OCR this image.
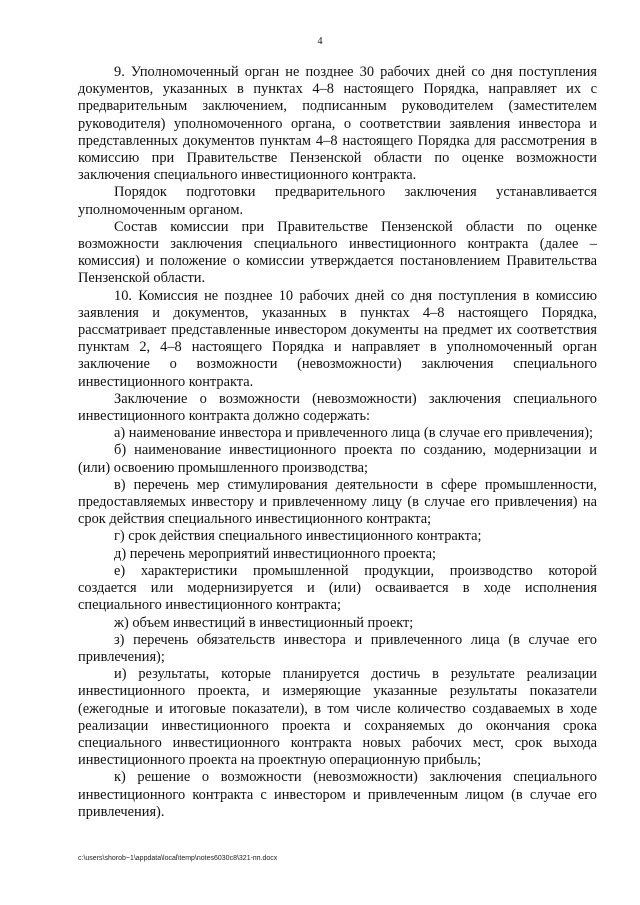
4

9. Уполномоченный орган не позднее 30 рабочих дней со дня поступления документов, указанных в пунктах 4–8 настоящего Порядка, направляет их с предварительным заключением, подписанным руководителем (заместителем руководителя) уполномоченного органа, о соответствии заявления инвестора и представленных документов пунктам 4–8 настоящего Порядка для рассмотрения в комиссию при Правительстве Пензенской области по оценке возможности заключения специального инвестиционного контракта.

Порядок подготовки предварительного заключения устанавливается уполномоченным органом.

Состав комиссии при Правительстве Пензенской области по оценке возможности заключения специального инвестиционного контракта (далее – комиссия) и положение о комиссии утверждается постановлением Правительства Пензенской области.

10. Комиссия не позднее 10 рабочих дней со дня поступления в комиссию заявления и документов, указанных в пунктах 4–8 настоящего Порядка, рассматривает представленные инвестором документы на предмет их соответствия пунктам 2, 4–8 настоящего Порядка и направляет в уполномоченный орган заключение о возможности (невозможности) заключения специального инвестиционного контракта.

Заключение о возможности (невозможности) заключения специального инвестиционного контракта должно содержать:

а) наименование инвестора и привлеченного лица (в случае его привлечения);

б) наименование инвестиционного проекта по созданию, модернизации и (или) освоению промышленного производства;

в) перечень мер стимулирования деятельности в сфере промышленности, предоставляемых инвестору и привлеченному лицу (в случае его привлечения) на срок действия специального инвестиционного контракта;

г) срок действия специального инвестиционного контракта;

д) перечень мероприятий инвестиционного проекта;

е) характеристики промышленной продукции, производство которой создается или модернизируется и (или) осваивается в ходе исполнения специального инвестиционного контракта;

ж) объем инвестиций в инвестиционный проект;

з) перечень обязательств инвестора и привлеченного лица (в случае его привлечения);

и) результаты, которые планируется достичь в результате реализации инвестиционного проекта, и измеряющие указанные результаты показатели (ежегодные и итоговые показатели), в том числе количество создаваемых в ходе реализации инвестиционного проекта и сохраняемых до окончания срока специального инвестиционного контракта новых рабочих мест, срок выхода инвестиционного проекта на проектную операционную прибыль;

к) решение о возможности (невозможности) заключения специального инвестиционного контракта с инвестором и привлеченным лицом (в случае его привлечения).

c:\users\shorob~1\appdata\local\temp\notes6030c8\321-пп.docx
